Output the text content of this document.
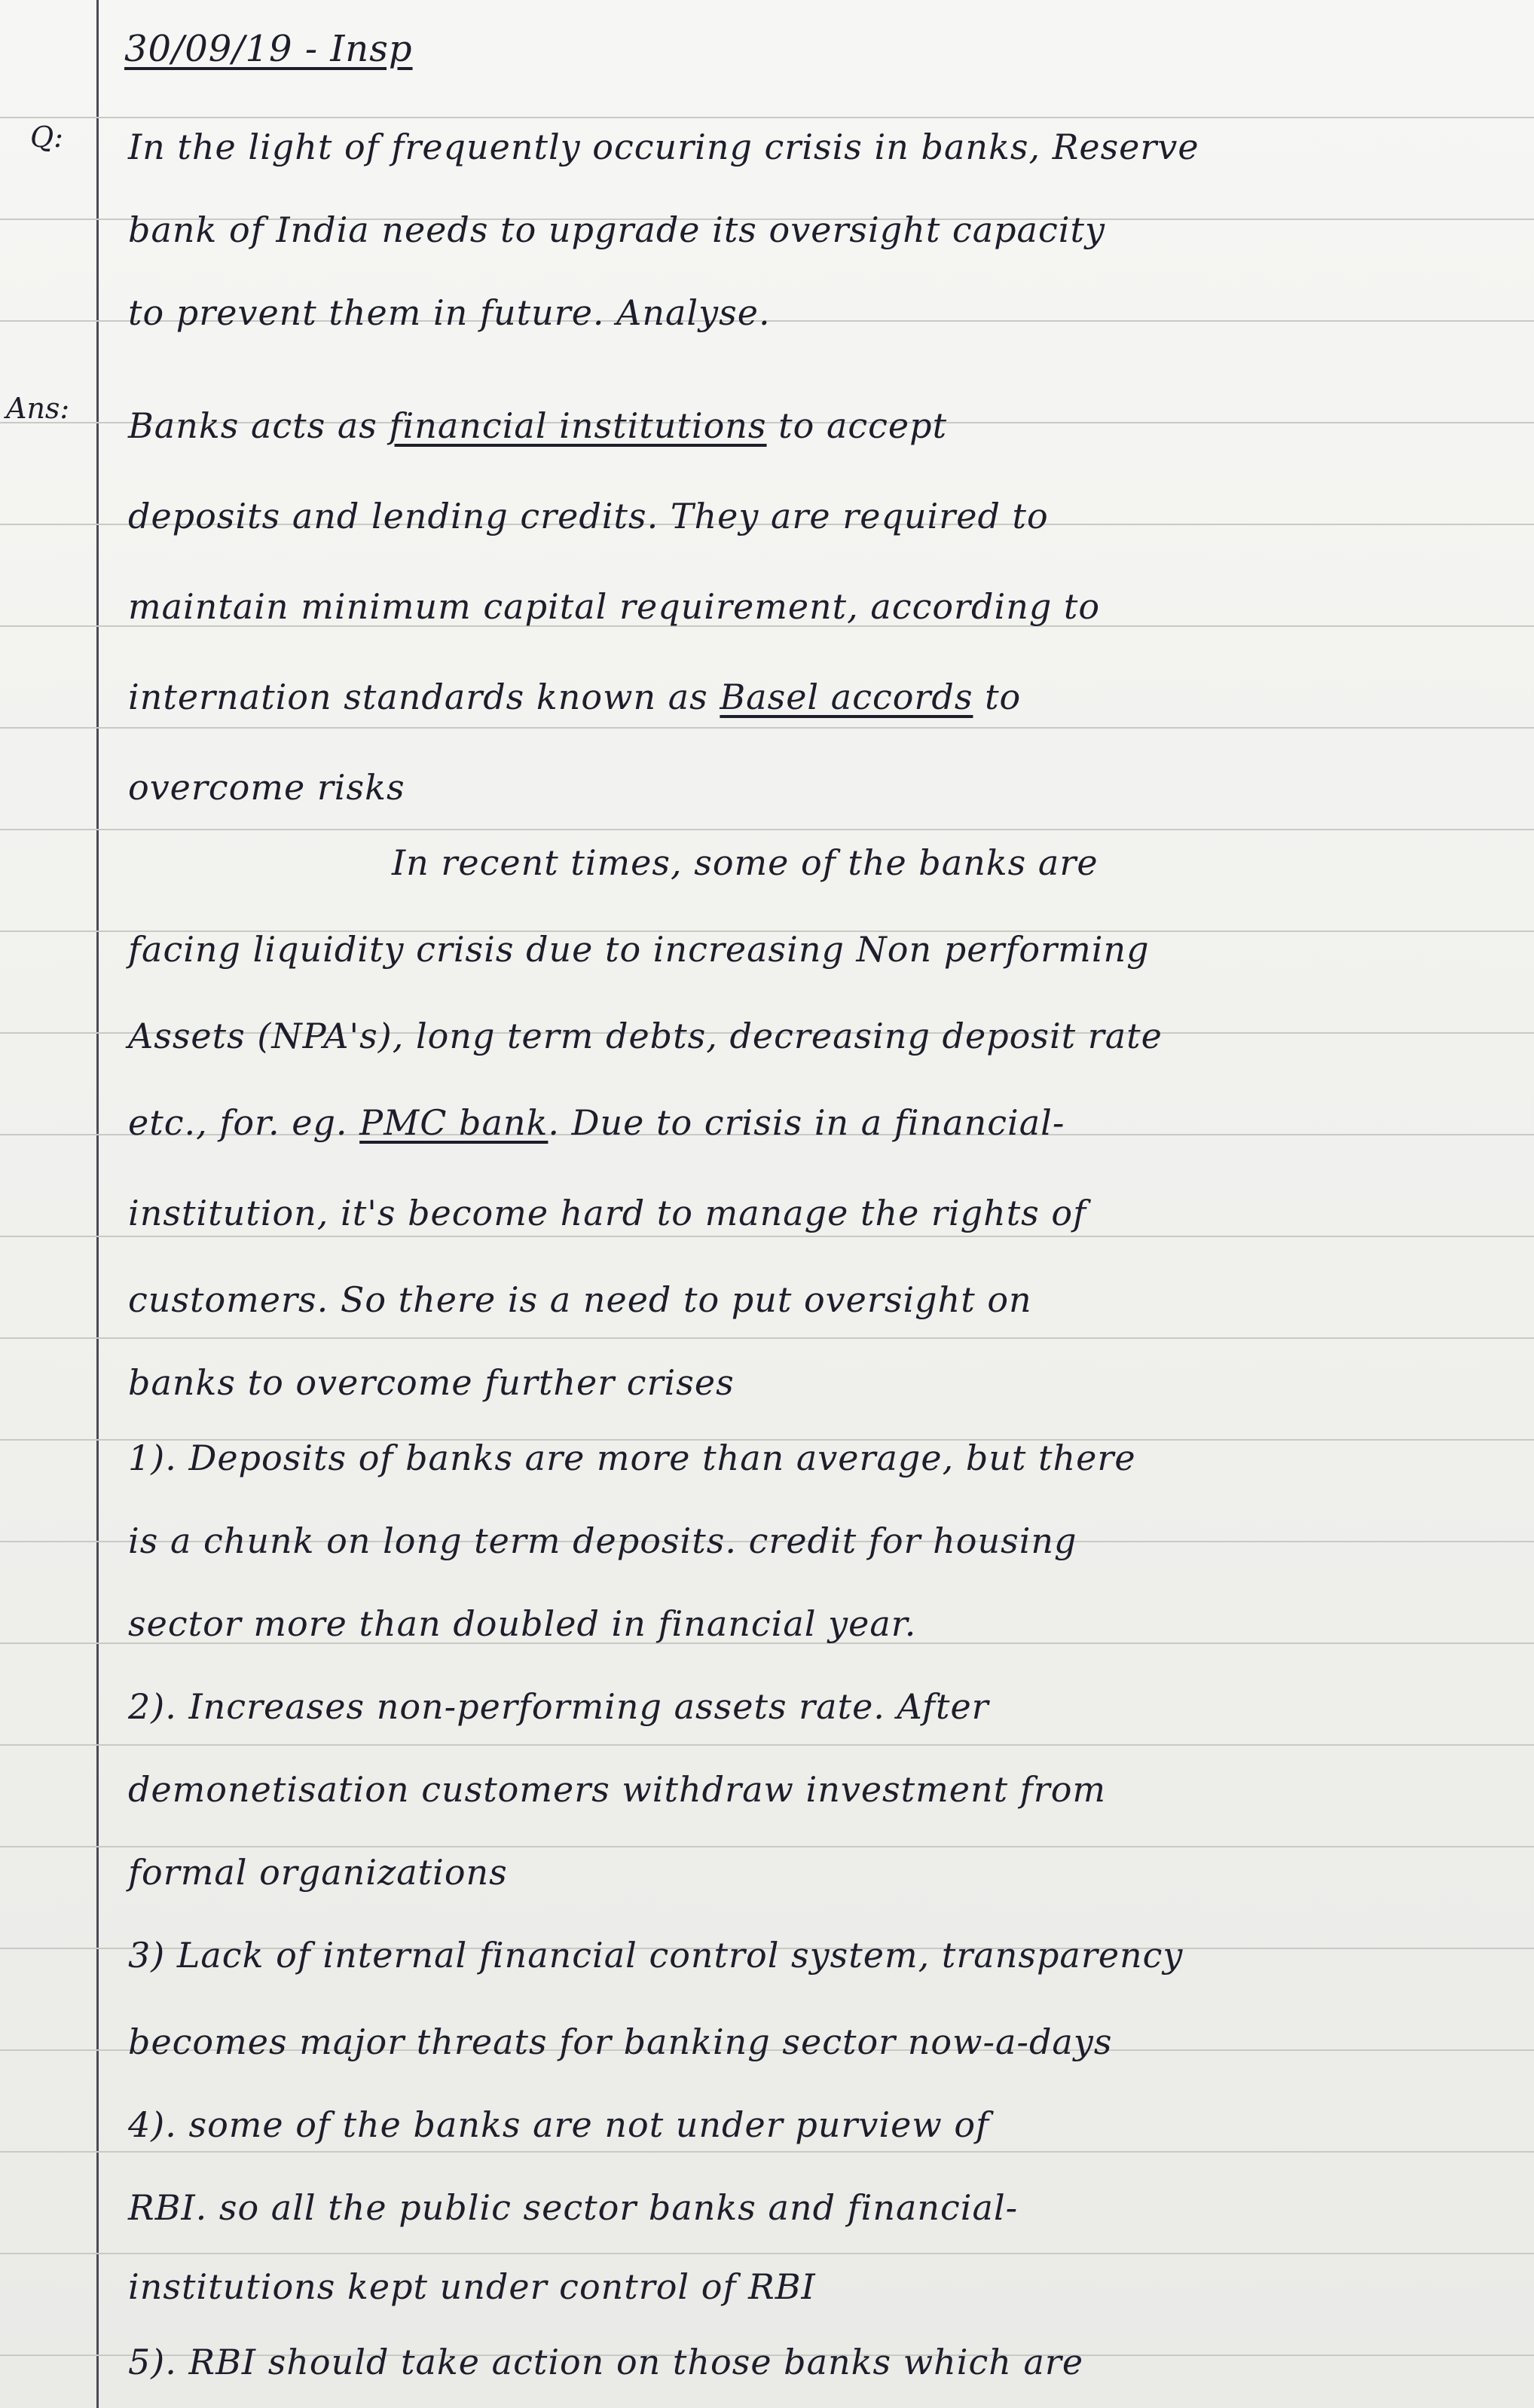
Q:
Ans:
30/09/19 - Insp
In the light of frequently occuring crisis in banks, Reserve
bank of India needs to upgrade its oversight capacity
to prevent them in future. Analyse.
Banks acts as financial institutions to accept
deposits and lending credits. They are required to
maintain minimum capital requirement, according to
internation standards known as Basel accords to
overcome risks
In recent times, some of the banks are
facing liquidity crisis due to increasing Non performing
Assets (NPA's), long term debts, decreasing deposit rate
etc., for. eg. PMC bank. Due to crisis in a financial-
institution, it's become hard to manage the rights of
customers. So there is a need to put oversight on
banks to overcome further crises
1). Deposits of banks are more than average, but there
is a chunk on long term deposits. credit for housing
sector more than doubled in financial year.
2). Increases non-performing assets rate. After
demonetisation customers withdraw investment from
formal organizations
3) Lack of internal financial control system, transparency
becomes major threats for banking sector now-a-days
4). some of the banks are not under purview of
RBI. so all the public sector banks and financial-
institutions kept under control of RBI
5). RBI should take action on those banks which are
